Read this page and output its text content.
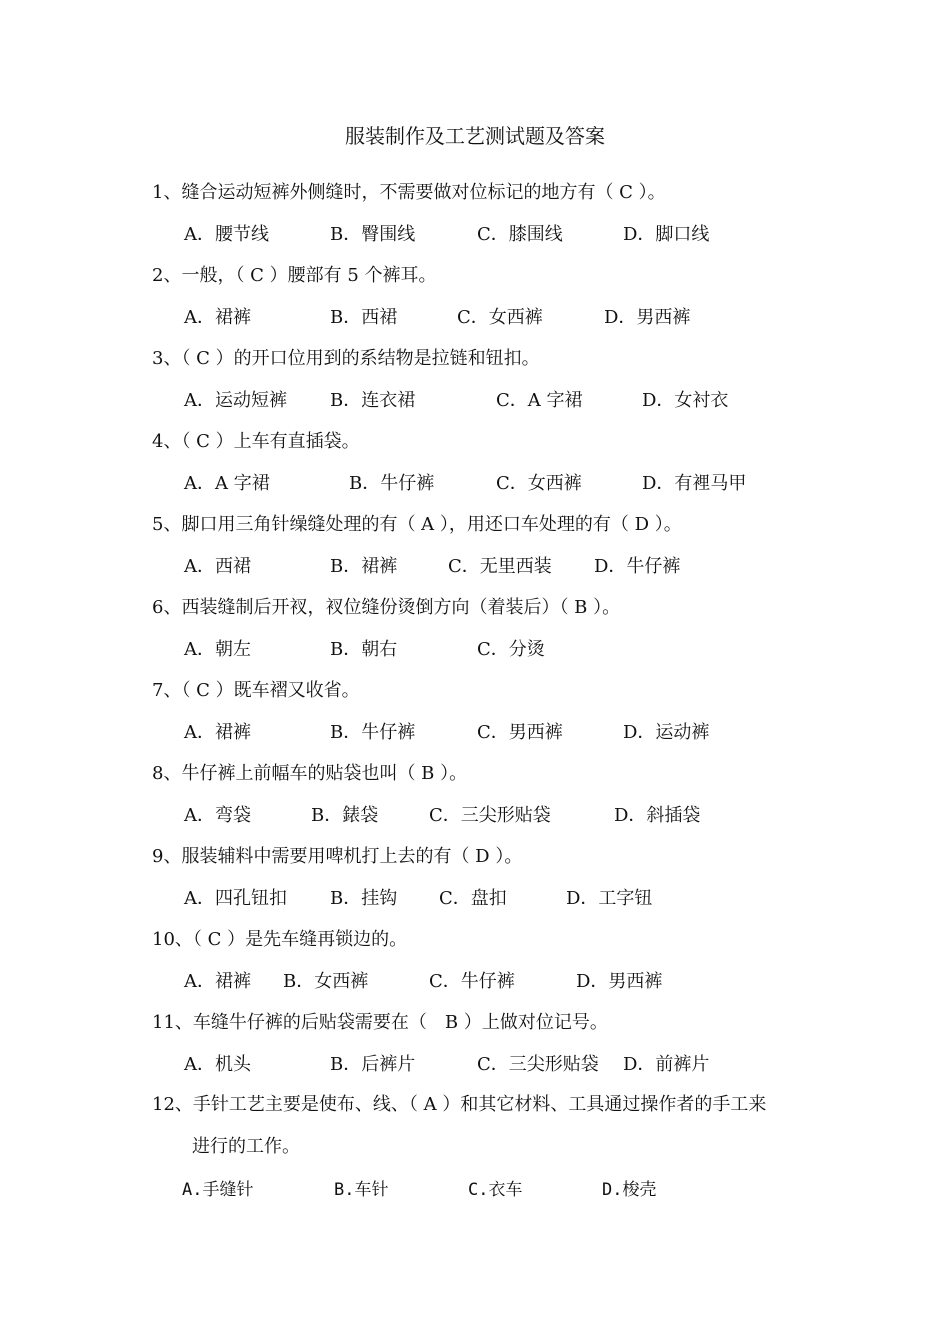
服装制作及工艺测试题及答案
1、缝合运动短裤外侧缝时，不需要做对位标记的地方有（ C ）。
A．腰节线	B．臀围线	C．膝围线	D．脚口线
2、一般，（ C ）腰部有 5 个裤耳。
A．裙裤	B．西裙	C．女西裤	D．男西裤
3、（ C ）的开口位用到的系结物是拉链和钮扣。
A．运动短裤 B．连衣裙	C．A 字裙	D．女衬衣
4、（ C ）上车有直插袋。
A．A 字裙	B．牛仔裤	C．女西裤	D．有裡马甲
5、脚口用三角针缲缝处理的有（ A ），用还口车处理的有（ D ）。
A．西裙	B．裙裤	C．无里西装 D．牛仔裤
6、西装缝制后开衩，衩位缝份烫倒方向（着装后）（ B ）。
A．朝左	B．朝右	C．分烫
7、（ C ）既车褶又收省。
A．裙裤	B．牛仔裤	C．男西裤	D．运动裤
8、牛仔裤上前幅车的贴袋也叫（ B ）。
A．弯袋	B．錶袋	C．三尖形贴袋	D．斜插袋
9、服装辅料中需要用啤机打上去的有（ D ）。
A．四孔钮扣 B．挂钩 C．盘扣	D．工字钮
10、（ C ）是先车缝再锁边的。
A．裙裤 B．女西裤	C．牛仔裤	D．男西裤
11、车缝牛仔裤的后贴袋需要在（　B ）上做对位记号。
A．机头	B．后裤片	C．三尖形贴袋 D．前裤片
12、手针工艺主要是使布、线、（ A ）和其它材料、工具通过操作者的手工来
进行的工作。
A.手缝针	B.车针	C.衣车	D.梭壳
